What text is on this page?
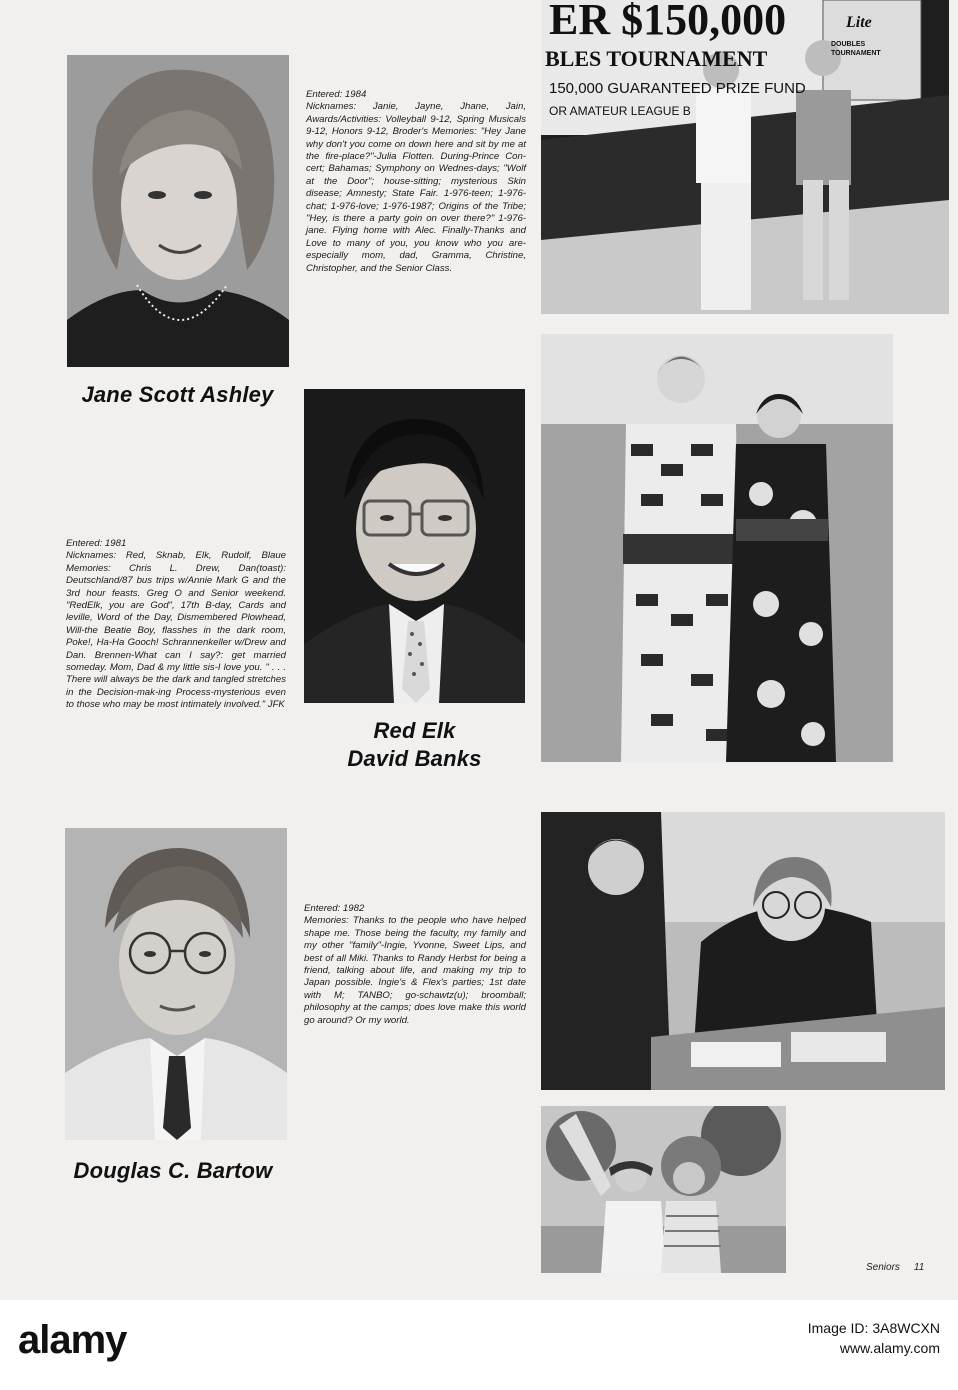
Jane Scott Ashley

Entered: 1984

Nicknames: Janie, Jayne, Jhane, Jain, Awards/Activities: Volleyball 9-12, Spring Musicals 9-12, Honors 9-12, Broder's Memories: "Hey Jane why don't you come on down here and sit by me at the fire-place?"-Julia Flotten. During-Prince Con-cert; Bahamas; Symphony on Wednes-days; "Wolf at the Door"; house-sitting; mysterious Skin disease; Amnesty; State Fair. 1-976-teen; 1-976-chat; 1-976-love; 1-976-1987; Origins of the Tribe; "Hey, is there a party goin on over there?" 1-976-jane. Flying home with Alec. Finally-Thanks and Love to many of you, you know who you are-especially mom, dad, Gramma, Christine, Christopher, and the Senior Class.

Red Elk David Banks

Entered: 1981

Nicknames: Red, Sknab, Elk, Rudolf, Blaue Memories: Chris L. Drew, Dan(toast): Deutschland/87 bus trips w/Annie Mark G and the 3rd hour feasts. Greg O and Senior weekend. "RedElk, you are God", 17th B-day, Cards and leville, Word of the Day, Dismembered Plowhead, Will-the Beatie Boy, flasshes in the dark room, Poke!, Ha-Ha Gooch! Schrannenkeller w/Drew and Dan. Brennen-What can I say?: get married someday. Mom, Dad & my little sis-I love you. " . . . There will always be the dark and tangled stretches in the Decision-mak-ing Process-mysterious even to those who may be most intimately involved." JFK

Douglas C. Bartow

Entered: 1982

Memories: Thanks to the people who have helped shape me. Those being the faculty, my family and my other "family"-Ingie, Yvonne, Sweet Lips, and best of all Miki. Thanks to Randy Herbst for being a friend, talking about life, and making my trip to Japan possible. Ingie's & Flex's parties; 1st date with M; TANBO; go-schawtz(u); broomball; philosophy at the camps; does love make this world go around? Or my world.

ER $150,000
BLES TOURNAMENT
150,000 GUARANTEED PRIZE FUND
OR AMATEUR LEAGUE B
Lite
DOUBLES TOURNAMENT
Seniors 11
alamy	Image ID: 3A8WCXN
www.alamy.com
